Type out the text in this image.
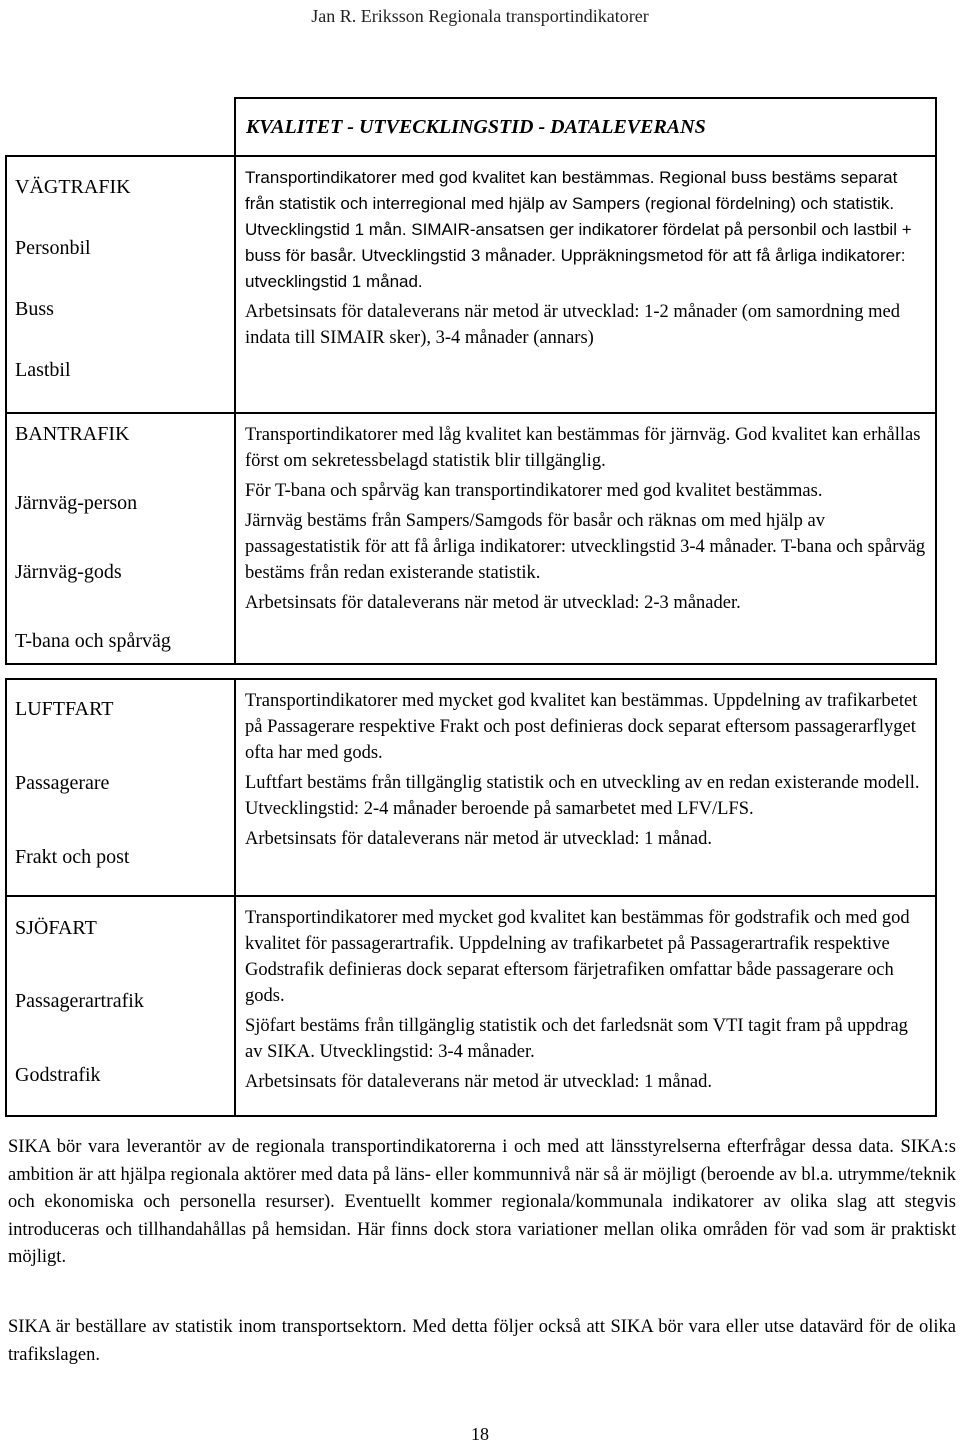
Jan R. Eriksson Regionala transportindikatorer
KVALITET - UTVECKLINGSTID - DATALEVERANS
VÄGTRAFIK
Personbil
Buss
Lastbil

Transportindikatorer med god kvalitet kan bestämmas. Regional buss bestäms separat från statistik och interregional med hjälp av Sampers (regional fördelning) och statistik. Utvecklingstid 1 mån. SIMAIR-ansatsen ger indikatorer fördelat på personbil och lastbil + buss för basår. Utvecklingstid 3 månader. Uppräkningsmetod för att få årliga indikatorer: utvecklingstid 1 månad.

Arbetsinsats för dataleverans när metod är utvecklad: 1-2 månader (om samordning med indata till SIMAIR sker), 3-4 månader (annars)

BANTRAFIK
Järnväg-person
Järnväg-gods
T-bana och spårväg

Transportindikatorer med låg kvalitet kan bestämmas för järnväg. God kvalitet kan erhållas först om sekretessbelagd statistik blir tillgänglig.

För T-bana och spårväg kan transportindikatorer med god kvalitet bestämmas.

Järnväg bestäms från Sampers/Samgods för basår och räknas om med hjälp av passagestatistik för att få årliga indikatorer: utvecklingstid 3-4 månader. T-bana och spårväg bestäms från redan existerande statistik.

Arbetsinsats för dataleverans när metod är utvecklad: 2-3 månader.

LUFTFART
Passagerare
Frakt och post

Transportindikatorer med mycket god kvalitet kan bestämmas. Uppdelning av trafikarbetet på Passagerare respektive Frakt och post definieras dock separat eftersom passagerarflyget ofta har med gods.

Luftfart bestäms från tillgänglig statistik och en utveckling av en redan existerande modell. Utvecklingstid: 2-4 månader beroende på samarbetet med LFV/LFS.

Arbetsinsats för dataleverans när metod är utvecklad: 1 månad.

SJÖFART
Passagerartrafik
Godstrafik

Transportindikatorer med mycket god kvalitet kan bestämmas för godstrafik och med god kvalitet för passagerartrafik. Uppdelning av trafikarbetet på Passagerartrafik respektive Godstrafik definieras dock separat eftersom färjetrafiken omfattar både passagerare och gods.

Sjöfart bestäms från tillgänglig statistik och det farledsnät som VTI tagit fram på uppdrag av SIKA. Utvecklingstid: 3-4 månader.

Arbetsinsats för dataleverans när metod är utvecklad: 1 månad.

SIKA bör vara leverantör av de regionala transportindikatorerna i och med att länsstyrelserna efterfrågar dessa data. SIKA:s ambition är att hjälpa regionala aktörer med data på läns- eller kommunnivå när så är möjligt (beroende av bl.a. utrymme/teknik och ekonomiska och personella resurser). Eventuellt kommer regionala/kommunala indikatorer av olika slag att stegvis introduceras och tillhandahållas på hemsidan. Här finns dock stora variationer mellan olika områden för vad som är praktiskt möjligt.

SIKA är beställare av statistik inom transportsektorn. Med detta följer också att SIKA bör vara eller utse datavärd för de olika trafikslagen.

18
